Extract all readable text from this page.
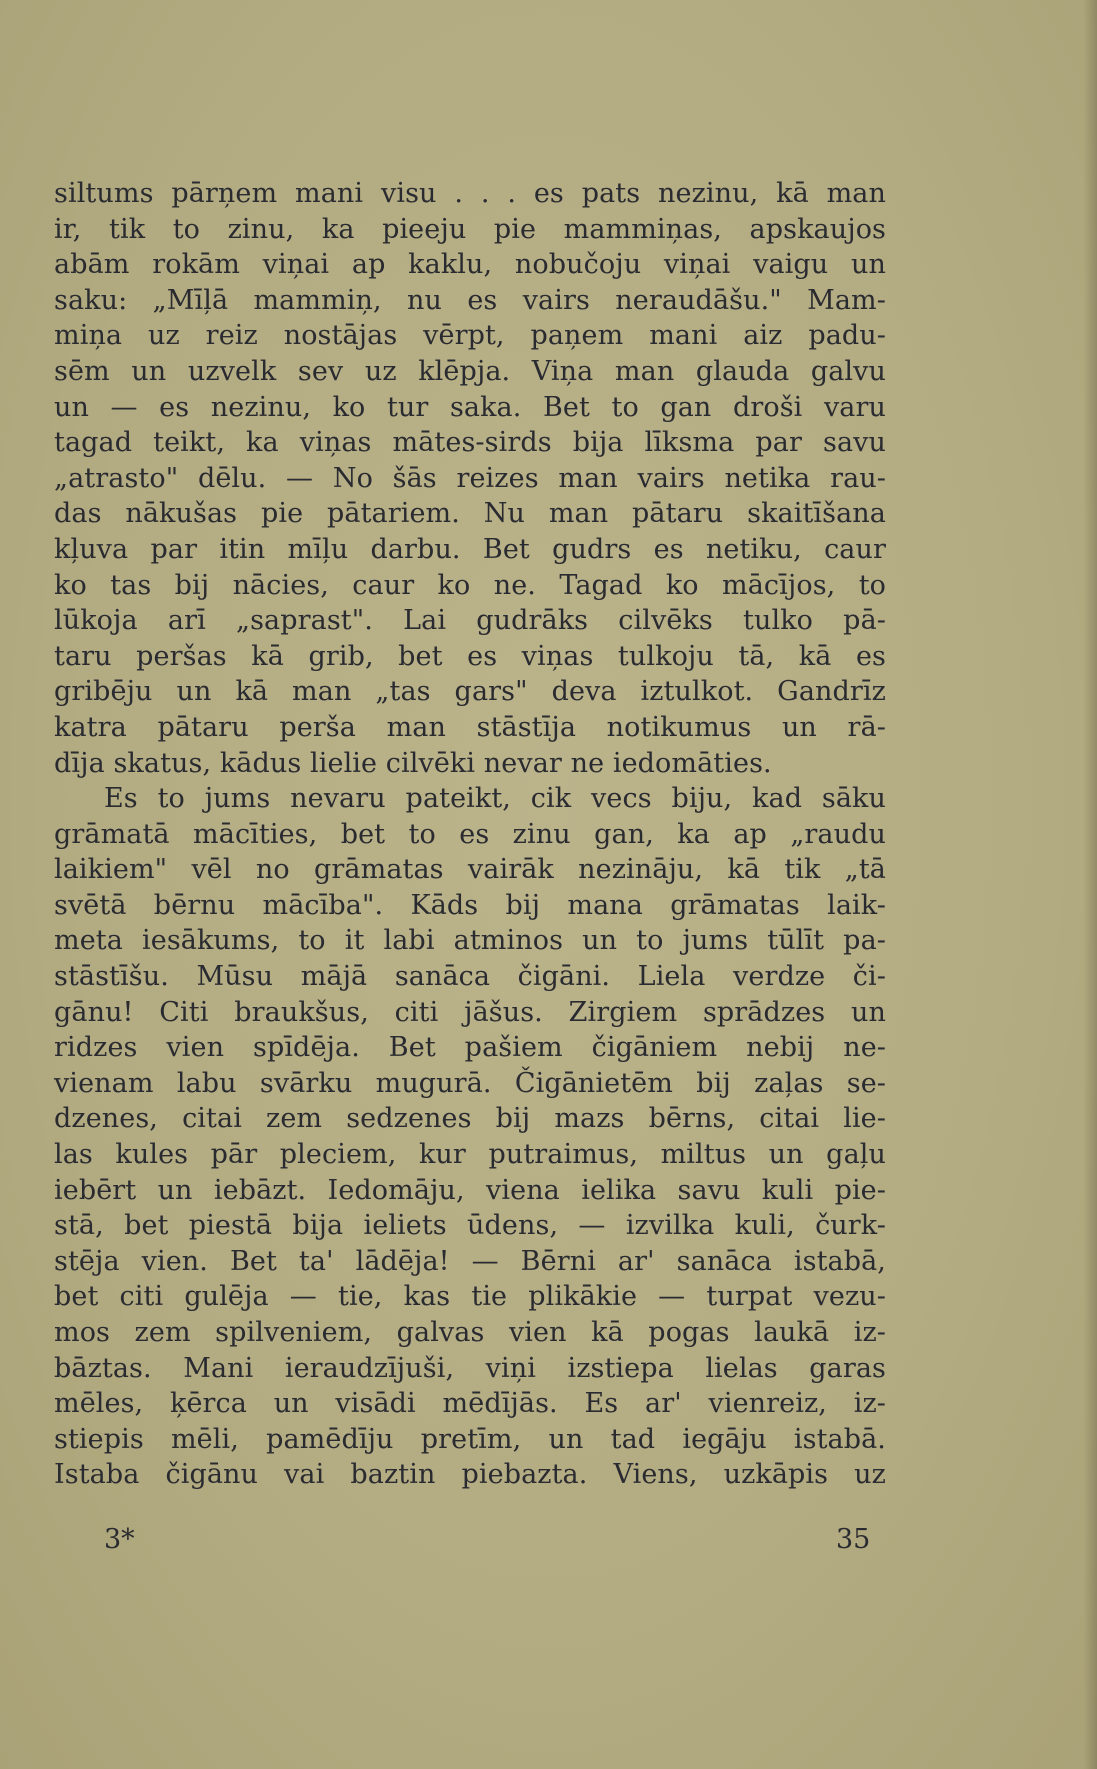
siltums pārņem mani visu . . . es pats nezinu, kā man
ir, tik to zinu, ka pieeju pie mammiņas, apskaujos
abām rokām viņai ap kaklu, nobučoju viņai vaigu un
saku: „Mīļā mammiņ, nu es vairs neraudāšu." Mam-
miņa uz reiz nostājas vērpt, paņem mani aiz padu-
sēm un uzvelk sev uz klēpja. Viņa man glauda galvu
un — es nezinu, ko tur saka. Bet to gan droši varu
tagad teikt, ka viņas mātes-sirds bija līksma par savu
„atrasto" dēlu. — No šās reizes man vairs netika rau-
das nākušas pie pātariem. Nu man pātaru skaitīšana
kļuva par itin mīļu darbu. Bet gudrs es netiku, caur
ko tas bij nācies, caur ko ne. Tagad ko mācījos, to
lūkoja arī „saprast". Lai gudrāks cilvēks tulko pā-
taru peršas kā grib, bet es viņas tulkoju tā, kā es
gribēju un kā man „tas gars" deva iztulkot. Gandrīz
katra pātaru perša man stāstīja notikumus un rā-
dīja skatus, kādus lielie cilvēki nevar ne iedomāties.
Es to jums nevaru pateikt, cik vecs biju, kad sāku
grāmatā mācīties, bet to es zinu gan, ka ap „raudu
laikiem" vēl no grāmatas vairāk nezināju, kā tik „tā
svētā bērnu mācība". Kāds bij mana grāmatas laik-
meta iesākums, to it labi atminos un to jums tūlīt pa-
stāstīšu. Mūsu mājā sanāca čigāni. Liela verdze či-
gānu! Citi braukšus, citi jāšus. Zirgiem sprādzes un
ridzes vien spīdēja. Bet pašiem čigāniem nebij ne-
vienam labu svārku mugurā. Čigānietēm bij zaļas se-
dzenes, citai zem sedzenes bij mazs bērns, citai lie-
las kules pār pleciem, kur putraimus, miltus un gaļu
iebērt un iebāzt. Iedomāju, viena ielika savu kuli pie-
stā, bet piestā bija ieliets ūdens, — izvilka kuli, čurk-
stēja vien. Bet ta' lādēja! — Bērni ar' sanāca istabā,
bet citi gulēja — tie, kas tie plikākie — turpat vezu-
mos zem spilveniem, galvas vien kā pogas laukā iz-
bāztas. Mani ieraudzījuši, viņi izstiepa lielas garas
mēles, ķērca un visādi mēdījās. Es ar' vienreiz, iz-
stiepis mēli, pamēdīju pretīm, un tad iegāju istabā.
Istaba čigānu vai baztin piebazta. Viens, uzkāpis uz
3*	35
